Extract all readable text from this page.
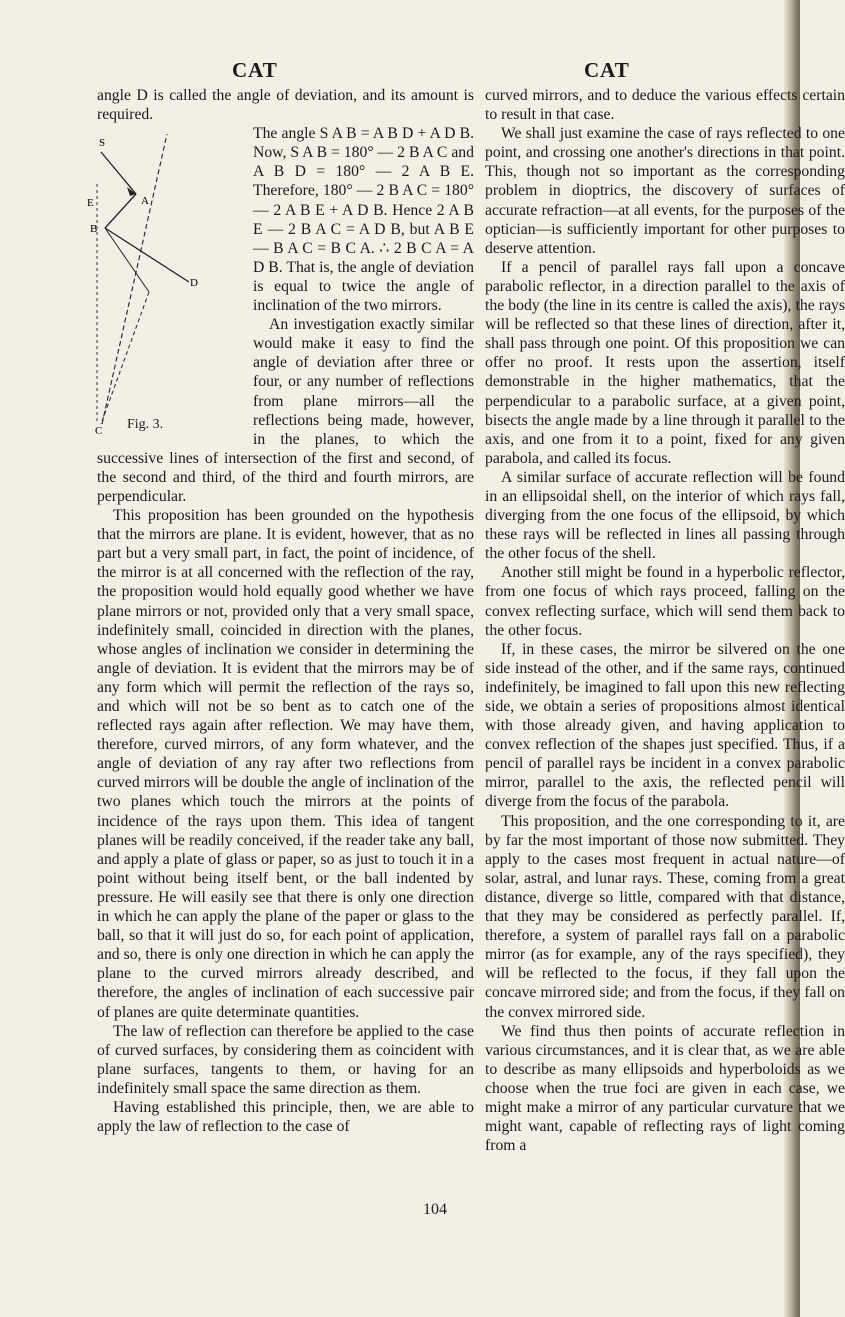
CAT	CAT

angle D is called the angle of deviation, and its amount is required.

S
E	A
B
D
C Fig. 3.

The angle S A B = A B D + A D B. Now, S A B = 180° — 2 B A C and A B D = 180° — 2 A B E. Therefore, 180° — 2 B A C = 180° — 2 A B E + A D B. Hence 2 A B E — 2 B A C = A D B, but A B E — B A C = B C A. ∴ 2 B C A = A D B. That is, the angle of deviation is equal to twice the angle of inclination of the two mirrors.

An investigation exactly similar would make it easy to find the angle of deviation after three or four, or any number of reflections from plane mirrors—all the reflections being made, however, in the planes, to which the successive lines of intersection of the first and second, of the second and third, of the third and fourth mirrors, are perpendicular.

This proposition has been grounded on the hypothesis that the mirrors are plane. It is evident, however, that as no part but a very small part, in fact, the point of incidence, of the mirror is at all concerned with the reflection of the ray, the proposition would hold equally good whether we have plane mirrors or not, provided only that a very small space, indefinitely small, coincided in direction with the planes, whose angles of inclination we consider in determining the angle of deviation. It is evident that the mirrors may be of any form which will permit the reflection of the rays so, and which will not be so bent as to catch one of the reflected rays again after reflection. We may have them, therefore, curved mirrors, of any form whatever, and the angle of deviation of any ray after two reflections from curved mirrors will be double the angle of inclination of the two planes which touch the mirrors at the points of incidence of the rays upon them. This idea of tangent planes will be readily conceived, if the reader take any ball, and apply a plate of glass or paper, so as just to touch it in a point without being itself bent, or the ball indented by pressure. He will easily see that there is only one direction in which he can apply the plane of the paper or glass to the ball, so that it will just do so, for each point of application, and so, there is only one direction in which he can apply the plane to the curved mirrors already described, and therefore, the angles of inclination of each successive pair of planes are quite determinate quantities.

The law of reflection can therefore be applied to the case of curved surfaces, by considering them as coincident with plane surfaces, tangents to them, or having for an indefinitely small space the same direction as them.

Having established this principle, then, we are able to apply the law of reflection to the case of

curved mirrors, and to deduce the various effects certain to result in that case.

We shall just examine the case of rays reflected to one point, and crossing one another's directions in that point. This, though not so important as the corresponding problem in dioptrics, the discovery of surfaces of accurate refraction—at all events, for the purposes of the optician—is sufficiently important for other purposes to deserve attention.

If a pencil of parallel rays fall upon a concave parabolic reflector, in a direction parallel to the axis of the body (the line in its centre is called the axis), the rays will be reflected so that these lines of direction, after it, shall pass through one point. Of this proposition we can offer no proof. It rests upon the assertion, itself demonstrable in the higher mathematics, that the perpendicular to a parabolic surface, at a given point, bisects the angle made by a line through it parallel to the axis, and one from it to a point, fixed for any given parabola, and called its focus.

A similar surface of accurate reflection will be found in an ellipsoidal shell, on the interior of which rays fall, diverging from the one focus of the ellipsoid, by which these rays will be reflected in lines all passing through the other focus of the shell.

Another still might be found in a hyperbolic reflector, from one focus of which rays proceed, falling on the convex reflecting surface, which will send them back to the other focus.

If, in these cases, the mirror be silvered on the one side instead of the other, and if the same rays, continued indefinitely, be imagined to fall upon this new reflecting side, we obtain a series of propositions almost identical with those already given, and having application to convex reflection of the shapes just specified. Thus, if a pencil of parallel rays be incident in a convex parabolic mirror, parallel to the axis, the reflected pencil will diverge from the focus of the parabola.

This proposition, and the one corresponding to it, are by far the most important of those now submitted. They apply to the cases most frequent in actual nature—of solar, astral, and lunar rays. These, coming from a great distance, diverge so little, compared with that distance, that they may be considered as perfectly parallel. If, therefore, a system of parallel rays fall on a parabolic mirror (as for example, any of the rays specified), they will be reflected to the focus, if they fall upon the concave mirrored side; and from the focus, if they fall on the convex mirrored side.

We find thus then points of accurate reflection in various circumstances, and it is clear that, as we are able to describe as many ellipsoids and hyperboloids as we choose when the true foci are given in each case, we might make a mirror of any particular curvature that we might want, capable of reflecting rays of light coming from a

104
